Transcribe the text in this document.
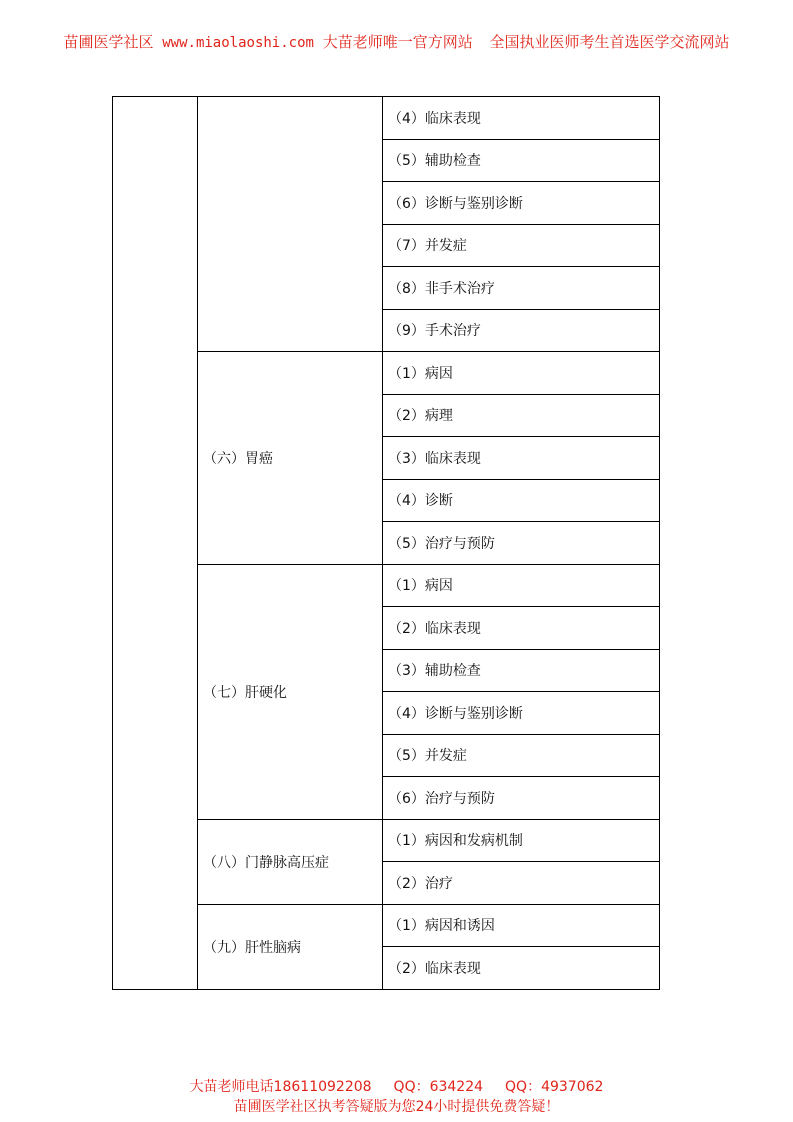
苗圃医学社区 www.miaolaoshi.com 大苗老师唯一官方网站 全国执业医师考生首选医学交流网站
		（4）临床表现
		（5）辅助检查
		（6）诊断与鉴别诊断
		（7）并发症
		（8）非手术治疗
		（9）手术治疗
	（六）胃癌	（1）病因
		（2）病理
		（3）临床表现
		（4）诊断
		（5）治疗与预防
	（七）肝硬化	（1）病因
		（2）临床表现
		（3）辅助检查
		（4）诊断与鉴别诊断
		（5）并发症
		（6）治疗与预防
	（八）门静脉高压症	（1）病因和发病机制
		（2）治疗
	（九）肝性脑病	（1）病因和诱因
		（2）临床表现
大苗老师电话18611092208 QQ：634224 QQ：4937062
苗圃医学社区执考答疑版为您24小时提供免费答疑！
